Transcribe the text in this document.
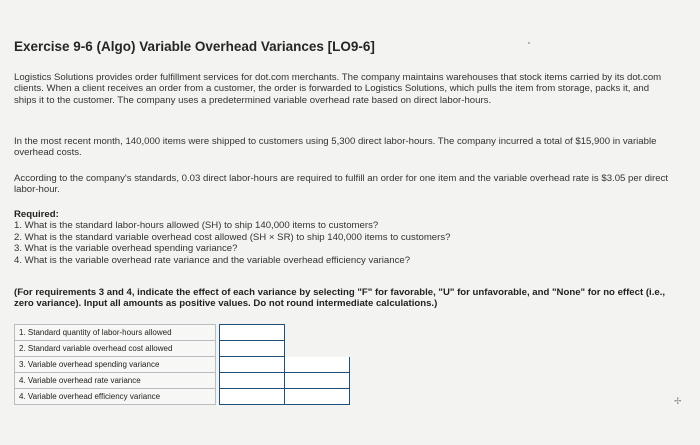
Exercise 9-6 (Algo) Variable Overhead Variances [LO9-6]

Logistics Solutions provides order fulfillment services for dot.com merchants. The company maintains warehouses that stock items carried by its dot.com clients. When a client receives an order from a customer, the order is forwarded to Logistics Solutions, which pulls the item from storage, packs it, and ships it to the customer. The company uses a predetermined variable overhead rate based on direct labor-hours.

In the most recent month, 140,000 items were shipped to customers using 5,300 direct labor-hours. The company incurred a total of $15,900 in variable overhead costs.

According to the company's standards, 0.03 direct labor-hours are required to fulfill an order for one item and the variable overhead rate is $3.05 per direct labor-hour.

Required:
1. What is the standard labor-hours allowed (SH) to ship 140,000 items to customers?
2. What is the standard variable overhead cost allowed (SH × SR) to ship 140,000 items to customers?
3. What is the variable overhead spending variance?
4. What is the variable overhead rate variance and the variable overhead efficiency variance?

(For requirements 3 and 4, indicate the effect of each variance by selecting "F" for favorable, "U" for unfavorable, and "None" for no effect (i.e., zero variance). Input all amounts as positive values. Do not round intermediate calculations.)

1. Standard quantity of labor-hours allowed			
2. Standard variable overhead cost allowed			
3. Variable overhead spending variance			
4. Variable overhead rate variance			
4. Variable overhead efficiency variance				✢
